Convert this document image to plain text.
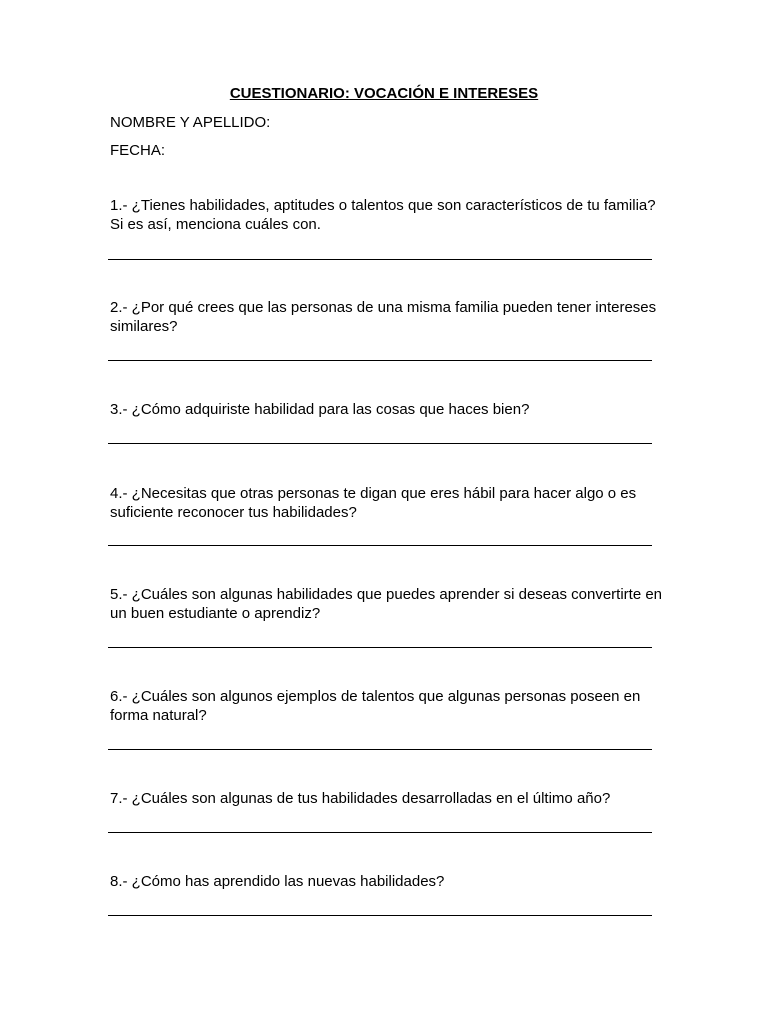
CUESTIONARIO: VOCACIÓN E INTERESES
NOMBRE Y APELLIDO:
FECHA:
1.- ¿Tienes habilidades, aptitudes o talentos que son característicos de tu familia? Si es así, menciona cuáles con.
2.- ¿Por qué crees que las personas de una misma familia pueden tener intereses similares?
3.- ¿Cómo adquiriste habilidad para las cosas que haces bien?
4.- ¿Necesitas que otras personas te digan que eres hábil para hacer algo o es suficiente reconocer tus habilidades?
5.- ¿Cuáles son algunas habilidades que puedes aprender si deseas convertirte en un buen estudiante o aprendiz?
6.- ¿Cuáles son algunos ejemplos de talentos que algunas personas poseen en forma natural?
7.- ¿Cuáles son algunas de tus habilidades desarrolladas en el último año?
8.- ¿Cómo has aprendido las nuevas habilidades?
